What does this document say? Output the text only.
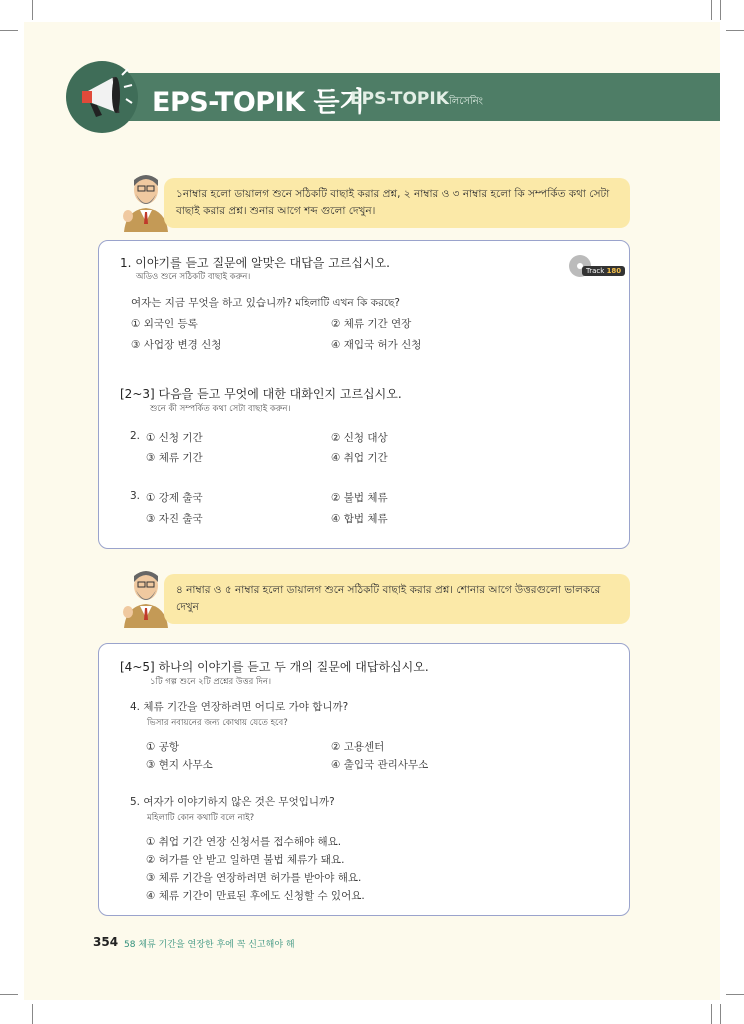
EPS-TOPIK 듣기
EPS-TOPIKলিসেনিং
১নাম্বার হলো ডায়ালগ শুনে সঠিকটি বাছাই করার প্রশ্ন, ২ নাম্বার ও ৩ নাম্বার হলো কি সম্পর্কিত কথা সেটা বাছাই করার প্রশ্ন। শুনার আগে শব্দ গুলো দেখুন।
Track 180
1. 이야기를 듣고 질문에 알맞은 대답을 고르십시오.
অডিও শুনে সঠিকটি বাছাই করুন।
여자는 지금 무엇을 하고 있습니까? মহিলাটি এখন কি করছে?
① 외국인 등록	② 체류 기간 연장
③ 사업장 변경 신청	④ 재입국 허가 신청
[2~3] 다음을 듣고 무엇에 대한 대화인지 고르십시오.
শুনে কী সম্পর্কিত কথা সেটা বাছাই করুন।
2. ① 신청 기간	② 신청 대상
③ 체류 기간	④ 취업 기간
3. ① 강제 출국	② 불법 체류
③ 자진 출국	④ 합법 체류
৪ নাম্বার ও ৫ নাম্বার হলো ডায়ালগ শুনে সঠিকটি বাছাই করার প্রশ্ন। শোনার আগে উত্তরগুলো ভালকরে দেখুন
[4~5] 하나의 이야기를 듣고 두 개의 질문에 대답하십시오.
১টি গল্প শুনে ২টি প্রশ্নের উত্তর দিন।
4. 체류 기간을 연장하려면 어디로 가야 합니까?
ভিসার নবায়নের জন্য কোথায় যেতে হবে?
① 공항	② 고용센터
③ 현지 사무소	④ 출입국 관리사무소
5. 여자가 이야기하지 않은 것은 무엇입니까?
মহিলাটি কোন কথাটি বলে নাই?
① 취업 기간 연장 신청서를 접수해야 해요.
② 허가를 안 받고 일하면 불법 체류가 돼요.
③ 체류 기간을 연장하려면 허가를 받아야 해요.
④ 체류 기간이 만료된 후에도 신청할 수 있어요.
354 58 체류 기간을 연장한 후에 꼭 신고해야 해
